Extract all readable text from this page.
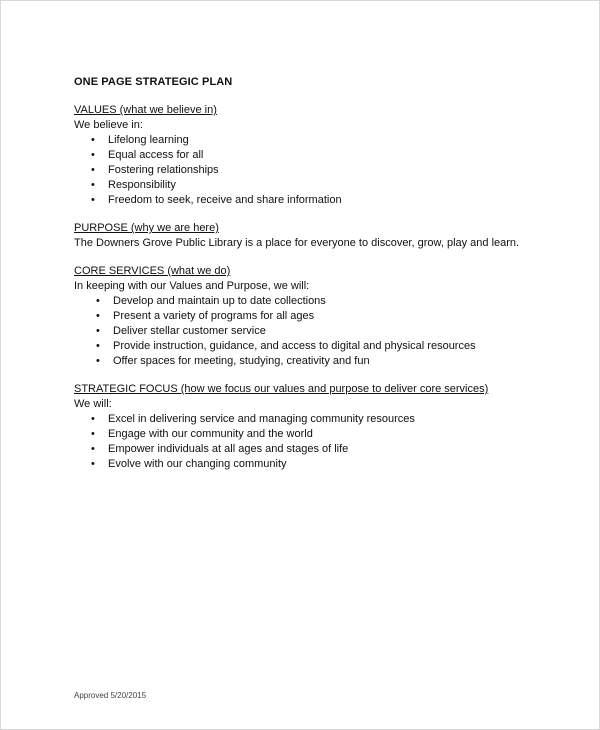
ONE PAGE STRATEGIC PLAN

VALUES (what we believe in)

We believe in:

• Lifelong learning
• Equal access for all
• Fostering relationships
• Responsibility
• Freedom to seek, receive and share information

PURPOSE (why we are here)

The Downers Grove Public Library is a place for everyone to discover, grow, play and learn.

CORE SERVICES (what we do)

In keeping with our Values and Purpose, we will:

• Develop and maintain up to date collections
• Present a variety of programs for all ages
• Deliver stellar customer service
• Provide instruction, guidance, and access to digital and physical resources
• Offer spaces for meeting, studying, creativity and fun

STRATEGIC FOCUS (how we focus our values and purpose to deliver core services)

We will:

• Excel in delivering service and managing community resources
• Engage with our community and the world
• Empower individuals at all ages and stages of life
• Evolve with our changing community
Approved 5/20/2015
